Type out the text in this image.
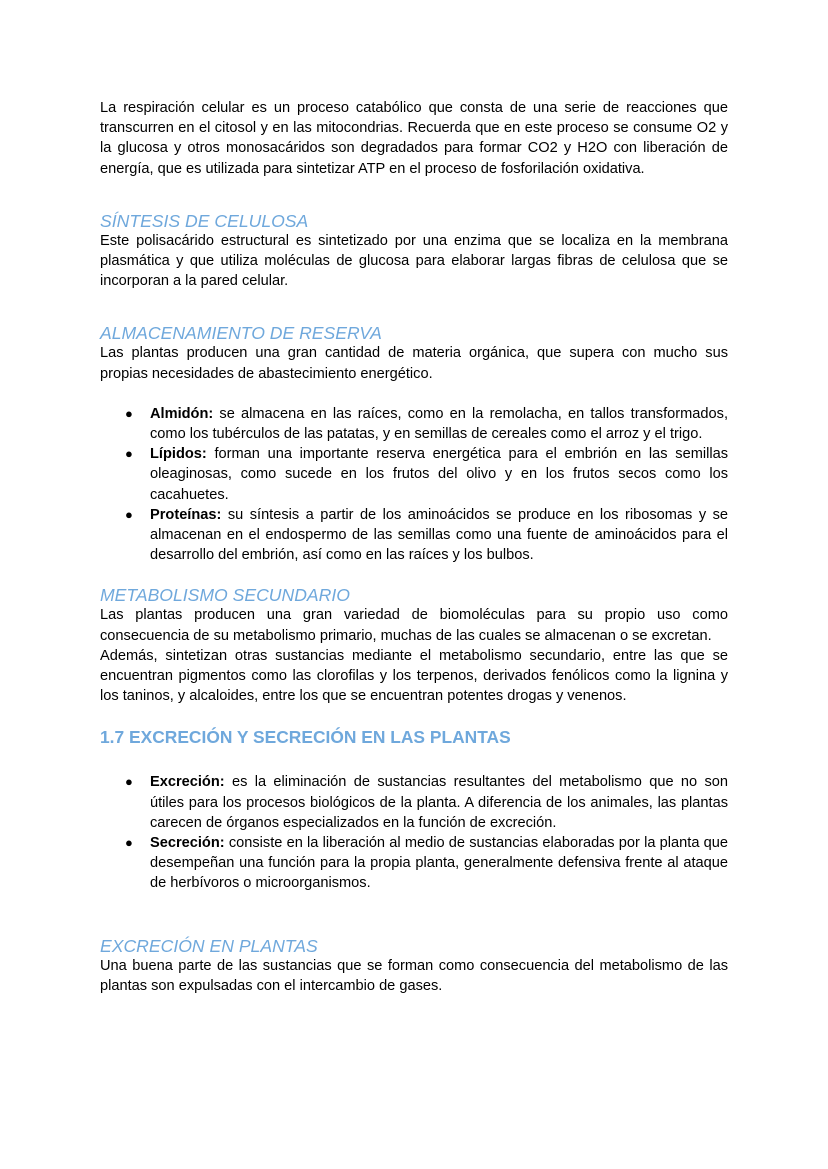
La respiración celular es un proceso catabólico que consta de una serie de reacciones que transcurren en el citosol y en las mitocondrias. Recuerda que en este proceso se consume O2 y la glucosa y otros monosacáridos son degradados para formar CO2 y H2O con liberación de energía, que es utilizada para sintetizar ATP en el proceso de fosforilación oxidativa.

SÍNTESIS DE CELULOSA

Este polisacárido estructural es sintetizado por una enzima que se localiza en la membrana plasmática y que utiliza moléculas de glucosa para elaborar largas fibras de celulosa que se incorporan a la pared celular.

ALMACENAMIENTO DE RESERVA

Las plantas producen una gran cantidad de materia orgánica, que supera con mucho sus propias necesidades de abastecimiento energético.

● Almidón: se almacena en las raíces, como en la remolacha, en tallos transformados, como los tubérculos de las patatas, y en semillas de cereales como el arroz y el trigo.
● Lípidos: forman una importante reserva energética para el embrión en las semillas oleaginosas, como sucede en los frutos del olivo y en los frutos secos como los cacahuetes.
● Proteínas: su síntesis a partir de los aminoácidos se produce en los ribosomas y se almacenan en el endospermo de las semillas como una fuente de aminoácidos para el desarrollo del embrión, así como en las raíces y los bulbos.
METABOLISMO SECUNDARIO

Las plantas producen una gran variedad de biomoléculas para su propio uso como consecuencia de su metabolismo primario, muchas de las cuales se almacenan o se excretan.

Además, sintetizan otras sustancias mediante el metabolismo secundario, entre las que se encuentran pigmentos como las clorofilas y los terpenos, derivados fenólicos como la lignina y los taninos, y alcaloides, entre los que se encuentran potentes drogas y venenos.

1.7 EXCRECIÓN Y SECRECIÓN EN LAS PLANTAS
● Excreción: es la eliminación de sustancias resultantes del metabolismo que no son útiles para los procesos biológicos de la planta. A diferencia de los animales, las plantas carecen de órganos especializados en la función de excreción.
● Secreción: consiste en la liberación al medio de sustancias elaboradas por la planta que desempeñan una función para la propia planta, generalmente defensiva frente al ataque de herbívoros o microorganismos.
EXCRECIÓN EN PLANTAS

Una buena parte de las sustancias que se forman como consecuencia del metabolismo de las plantas son expulsadas con el intercambio de gases.
